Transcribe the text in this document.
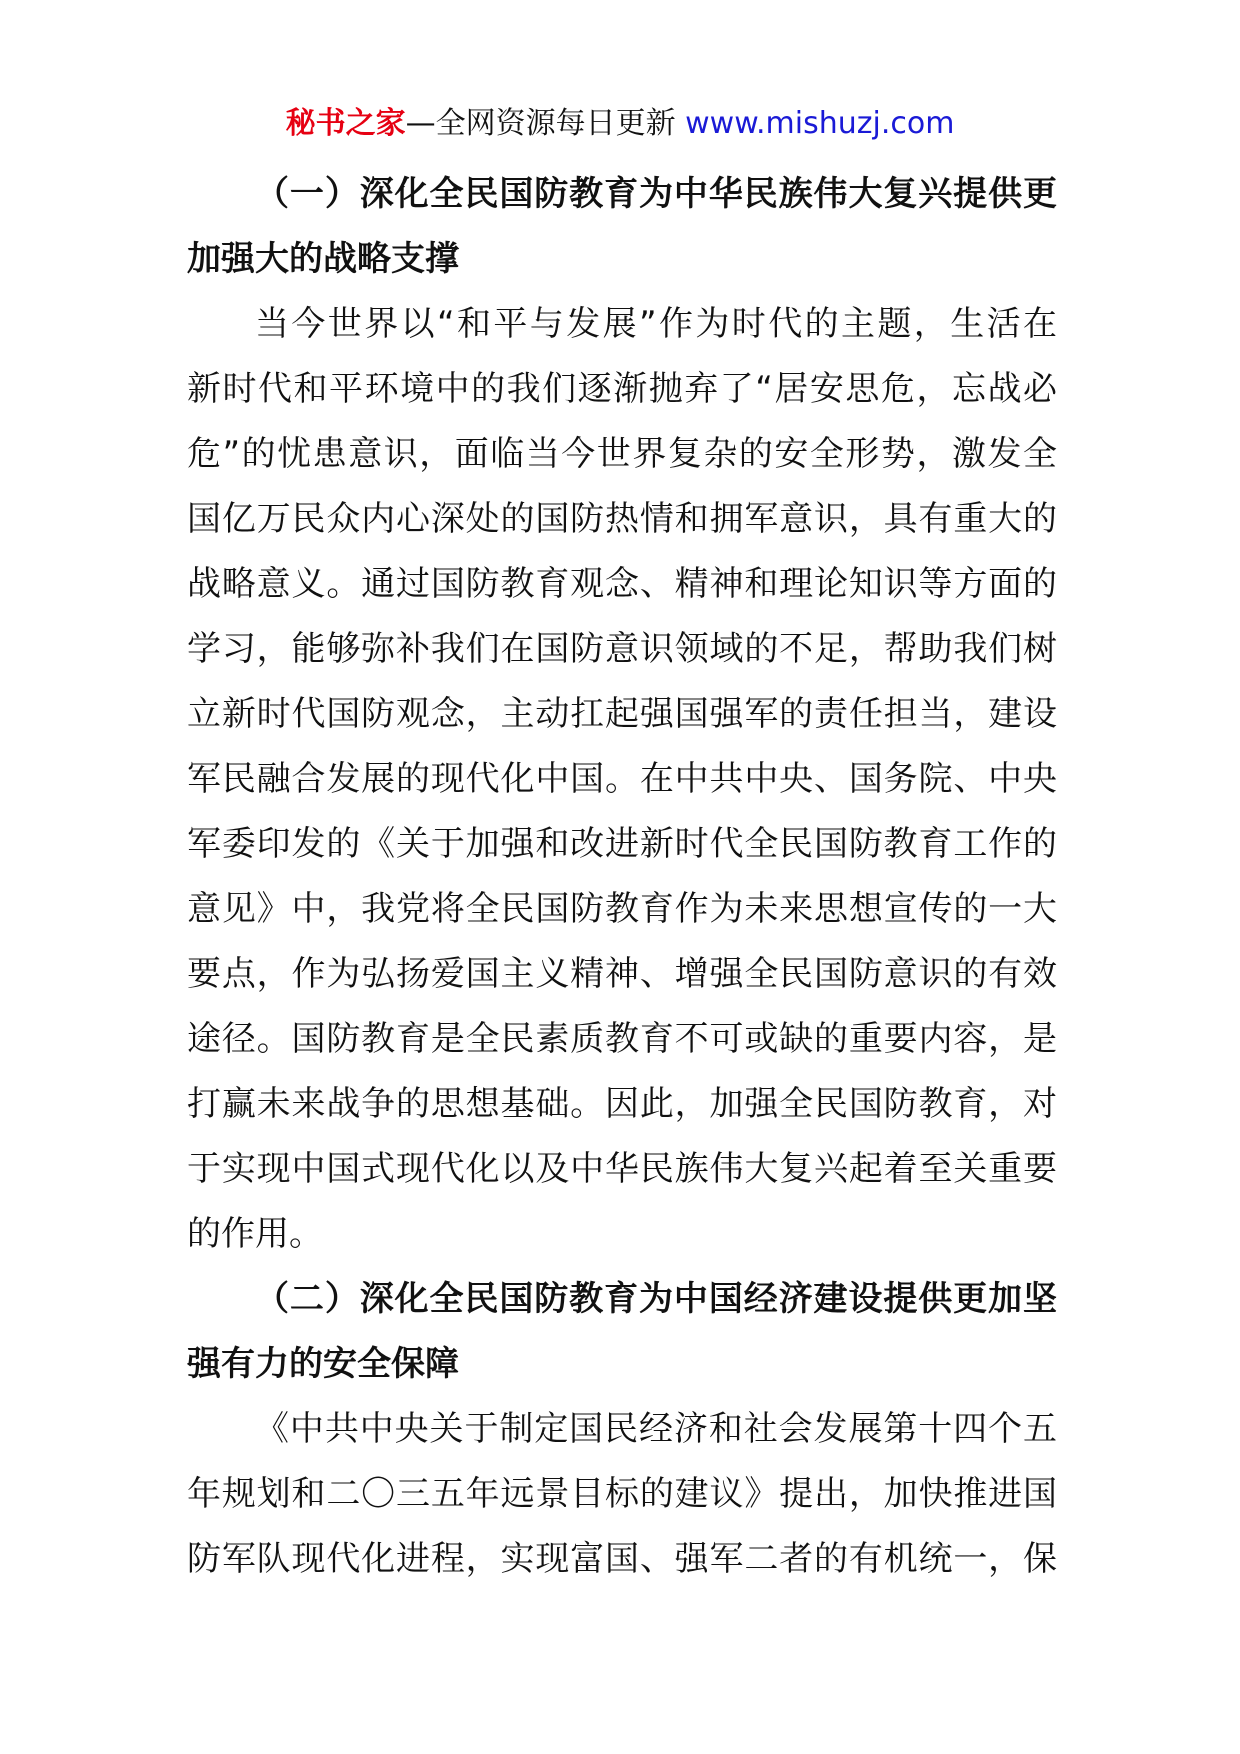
秘书之家—全网资源每日更新 www.mishuzj.com
（一）深化全民国防教育为中华民族伟大复兴提供更
加强大的战略支撑
当今世界以“和平与发展”作为时代的主题，生活在
新时代和平环境中的我们逐渐抛弃了“居安思危，忘战必
危”的忧患意识，面临当今世界复杂的安全形势，激发全
国亿万民众内心深处的国防热情和拥军意识，具有重大的
战略意义。通过国防教育观念、精神和理论知识等方面的
学习，能够弥补我们在国防意识领域的不足，帮助我们树
立新时代国防观念，主动扛起强国强军的责任担当，建设
军民融合发展的现代化中国。在中共中央、国务院、中央
军委印发的《关于加强和改进新时代全民国防教育工作的
意见》中，我党将全民国防教育作为未来思想宣传的一大
要点，作为弘扬爱国主义精神、增强全民国防意识的有效
途径。国防教育是全民素质教育不可或缺的重要内容，是
打赢未来战争的思想基础。因此，加强全民国防教育，对
于实现中国式现代化以及中华民族伟大复兴起着至关重要
的作用。
（二）深化全民国防教育为中国经济建设提供更加坚
强有力的安全保障
《中共中央关于制定国民经济和社会发展第十四个五
年规划和二〇三五年远景目标的建议》提出，加快推进国
防军队现代化进程，实现富国、强军二者的有机统一，保
